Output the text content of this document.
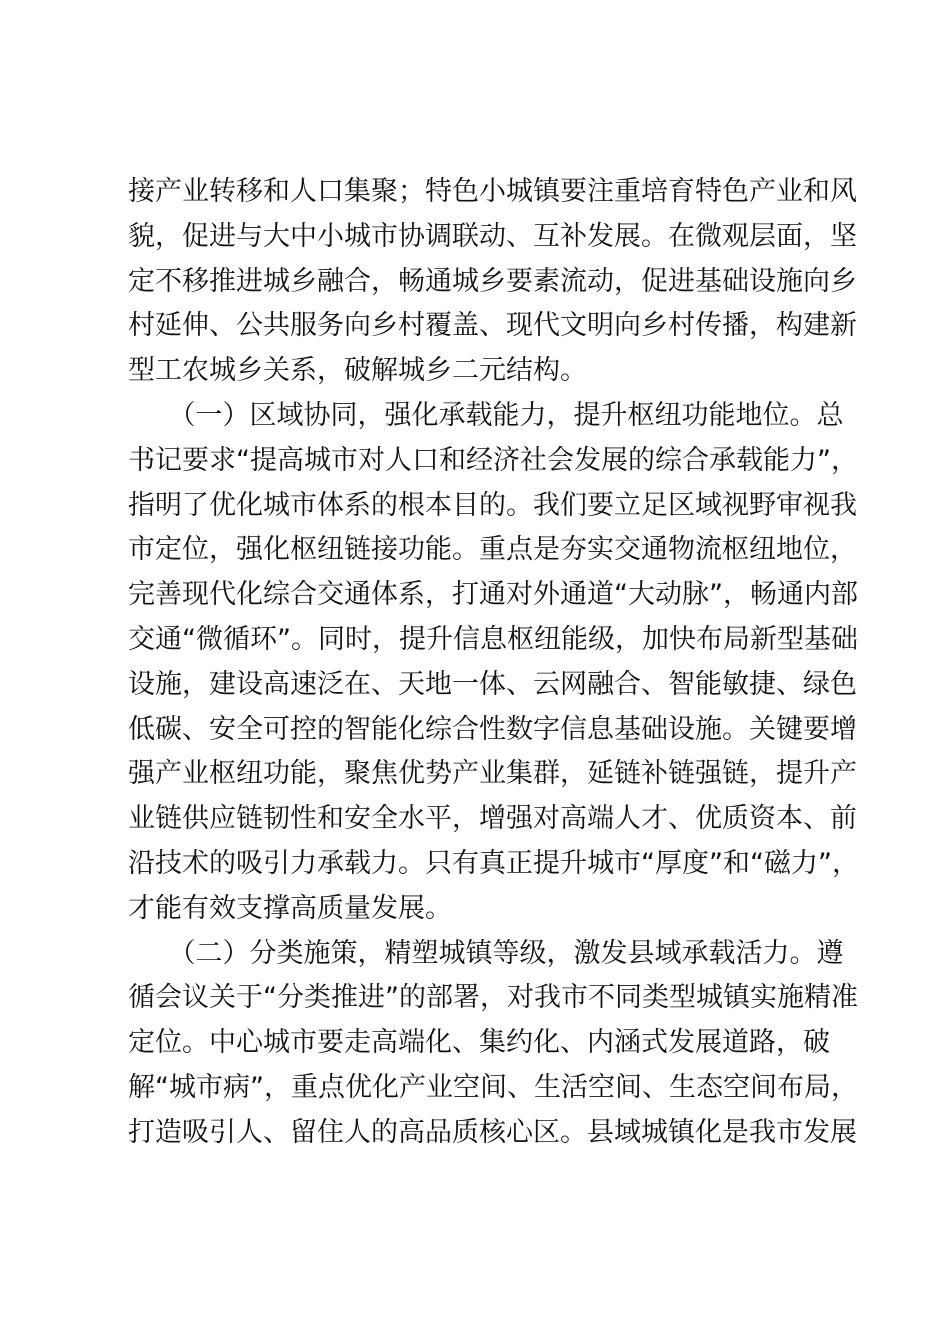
接产业转移和人口集聚；特色小城镇要注重培育特色产业和风
貌，促进与大中小城市协调联动、互补发展。在微观层面，坚
定不移推进城乡融合，畅通城乡要素流动，促进基础设施向乡
村延伸、公共服务向乡村覆盖、现代文明向乡村传播，构建新
型工农城乡关系，破解城乡二元结构。
　　（一）区域协同，强化承载能力，提升枢纽功能地位。总
书记要求“提高城市对人口和经济社会发展的综合承载能力”，
指明了优化城市体系的根本目的。我们要立足区域视野审视我
市定位，强化枢纽链接功能。重点是夯实交通物流枢纽地位，
完善现代化综合交通体系，打通对外通道“大动脉”，畅通内部
交通“微循环”。同时，提升信息枢纽能级，加快布局新型基础
设施，建设高速泛在、天地一体、云网融合、智能敏捷、绿色
低碳、安全可控的智能化综合性数字信息基础设施。关键要增
强产业枢纽功能，聚焦优势产业集群，延链补链强链，提升产
业链供应链韧性和安全水平，增强对高端人才、优质资本、前
沿技术的吸引力承载力。只有真正提升城市“厚度”和“磁力”，
才能有效支撑高质量发展。
　　（二）分类施策，精塑城镇等级，激发县域承载活力。遵
循会议关于“分类推进”的部署，对我市不同类型城镇实施精准
定位。中心城市要走高端化、集约化、内涵式发展道路，破
解“城市病”，重点优化产业空间、生活空间、生态空间布局，
打造吸引人、留住人的高品质核心区。县域城镇化是我市发展
